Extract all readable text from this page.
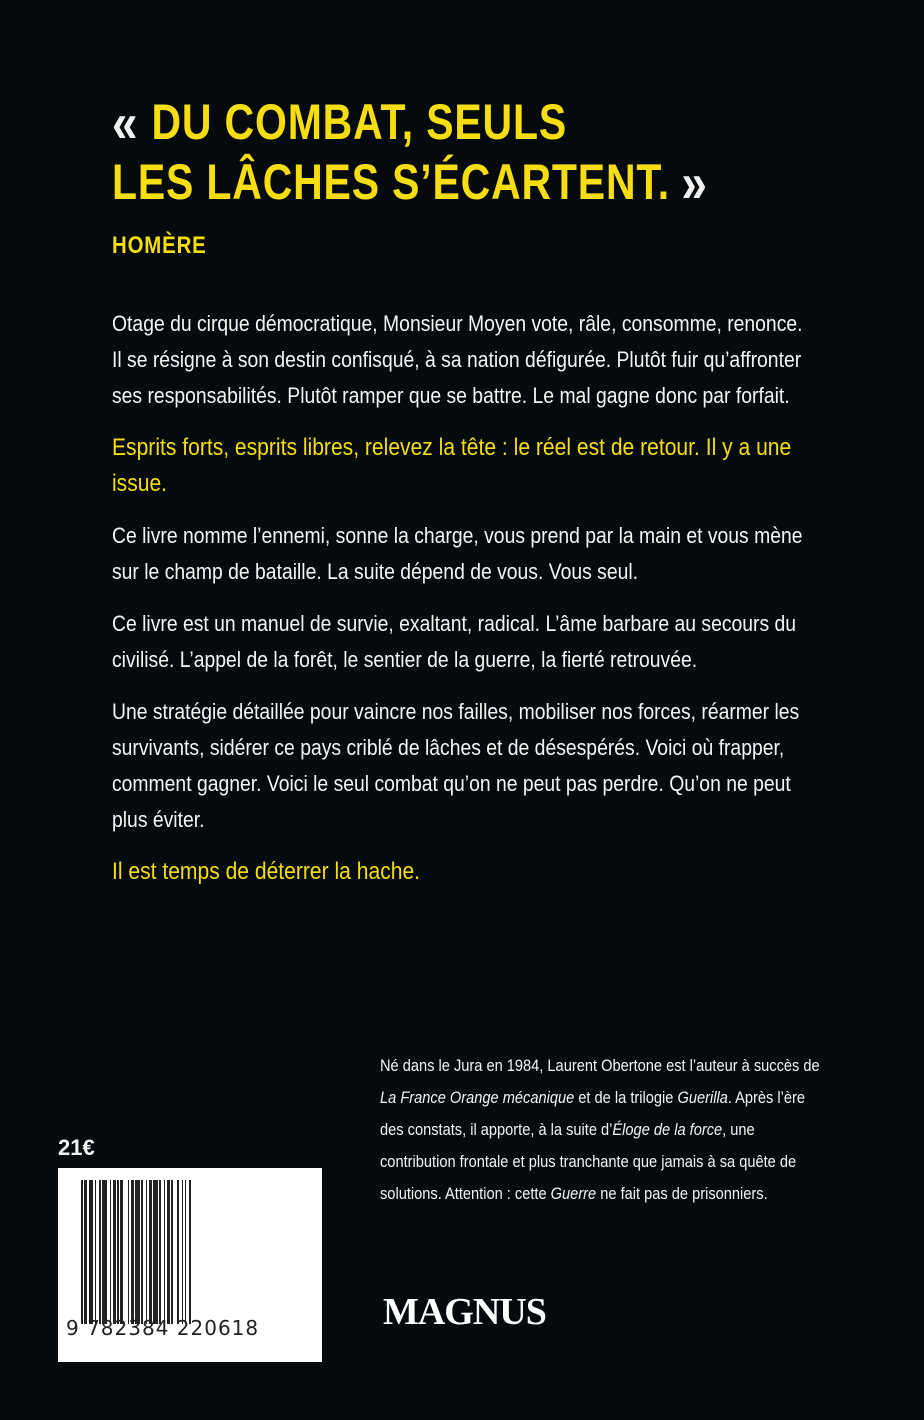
« DU COMBAT, SEULS
LES LÂCHES S’ÉCARTENT. »
HOMÈRE

Otage du cirque démocratique, Monsieur Moyen vote, râle, consomme, renonce. Il se résigne à son destin confisqué, à sa nation défigurée. Plutôt fuir qu’affronter ses responsabilités. Plutôt ramper que se battre. Le mal gagne donc par forfait.

Esprits forts, esprits libres, relevez la tête : le réel est de retour. Il y a une issue.

Ce livre nomme l’ennemi, sonne la charge, vous prend par la main et vous mène sur le champ de bataille. La suite dépend de vous. Vous seul.

Ce livre est un manuel de survie, exaltant, radical. L’âme barbare au secours du civilisé. L’appel de la forêt, le sentier de la guerre, la fierté retrouvée.

Une stratégie détaillée pour vaincre nos failles, mobiliser nos forces, réarmer les survivants, sidérer ce pays criblé de lâches et de désespérés. Voici où frapper, comment gagner. Voici le seul combat qu’on ne peut pas perdre. Qu’on ne peut plus éviter.

Il est temps de déterrer la hache.

Né dans le Jura en 1984, Laurent Obertone est l’auteur à succès de La France Orange mécanique et de la trilogie Guerilla. Après l’ère des constats, il apporte, à la suite d’Éloge de la force, une contribution frontale et plus tranchante que jamais à sa quête de solutions. Attention : cette Guerre ne fait pas de prisonniers.
21€
9 782384 220618	MAGNUS
